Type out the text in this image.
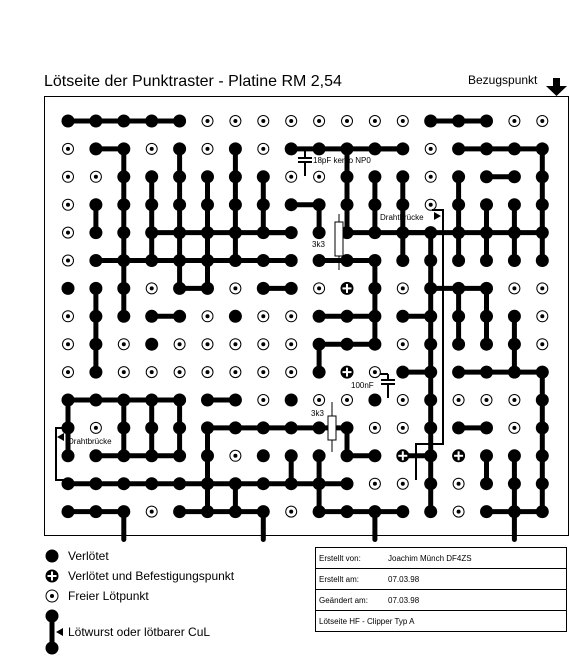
Lötseite der Punktraster - Platine RM 2,54	Bezugspunkt
18pF kerko NP0
Drahtbrücke
3k3
100nF
3k3
Drahtbrücke
Verlötet
Verlötet und Befestigungspunkt
Freier Lötpunkt
Lötwurst oder lötbarer CuL
Erstellt von:	Joachim Münch DF4ZS
Erstellt am:	07.03.98
Geändert am:	07.03.98
Lötseite HF - Clipper Typ A	
